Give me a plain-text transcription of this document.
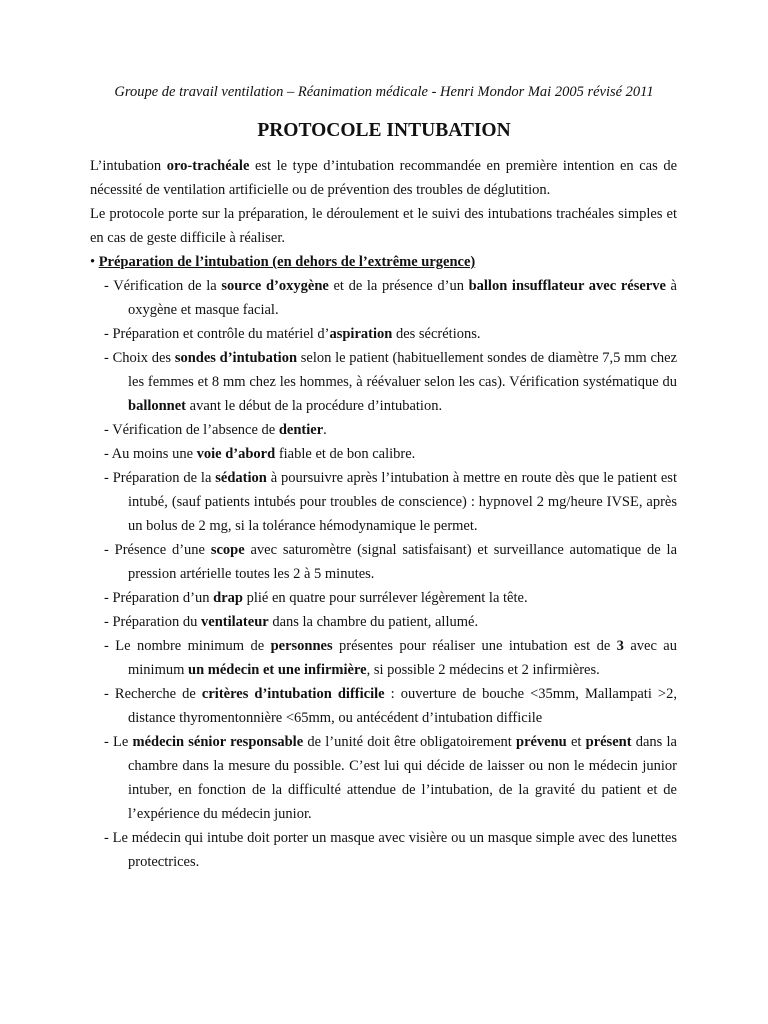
Groupe de travail ventilation – Réanimation médicale - Henri Mondor Mai 2005 révisé 2011
PROTOCOLE INTUBATION

L’intubation oro-trachéale est le type d’intubation recommandée en première intention en cas de nécessité de ventilation artificielle ou de prévention des troubles de déglutition.

Le protocole porte sur la préparation, le déroulement et le suivi des intubations trachéales simples et en cas de geste difficile à réaliser.

• Préparation de l’intubation (en dehors de l’extrême urgence)

- Vérification de la source d’oxygène et de la présence d’un ballon insufflateur avec réserve à oxygène et masque facial.
- Préparation et contrôle du matériel d’aspiration des sécrétions.
- Choix des sondes d’intubation selon le patient (habituellement sondes de diamètre 7,5 mm chez les femmes et 8 mm chez les hommes, à réévaluer selon les cas). Vérification systématique du ballonnet avant le début de la procédure d’intubation.
- Vérification de l’absence de dentier.
- Au moins une voie d’abord fiable et de bon calibre.
- Préparation de la sédation à poursuivre après l’intubation à mettre en route dès que le patient est intubé, (sauf patients intubés pour troubles de conscience) : hypnovel 2 mg/heure IVSE, après un bolus de 2 mg, si la tolérance hémodynamique le permet.
- Présence d’une scope avec saturomètre (signal satisfaisant) et surveillance automatique de la pression artérielle toutes les 2 à 5 minutes.
- Préparation d’un drap plié en quatre pour surrélever légèrement la tête.
- Préparation du ventilateur dans la chambre du patient, allumé.
- Le nombre minimum de personnes présentes pour réaliser une intubation est de 3 avec au minimum un médecin et une infirmière, si possible 2 médecins et 2 infirmières.
- Recherche de critères d’intubation difficile : ouverture de bouche <35mm, Mallampati >2, distance thyromentonnière <65mm, ou antécédent d’intubation difficile
- Le médecin sénior responsable de l’unité doit être obligatoirement prévenu et présent dans la chambre dans la mesure du possible. C’est lui qui décide de laisser ou non le médecin junior intuber, en fonction de la difficulté attendue de l’intubation, de la gravité du patient et de l’expérience du médecin junior.
- Le médecin qui intube doit porter un masque avec visière ou un masque simple avec des lunettes protectrices.
